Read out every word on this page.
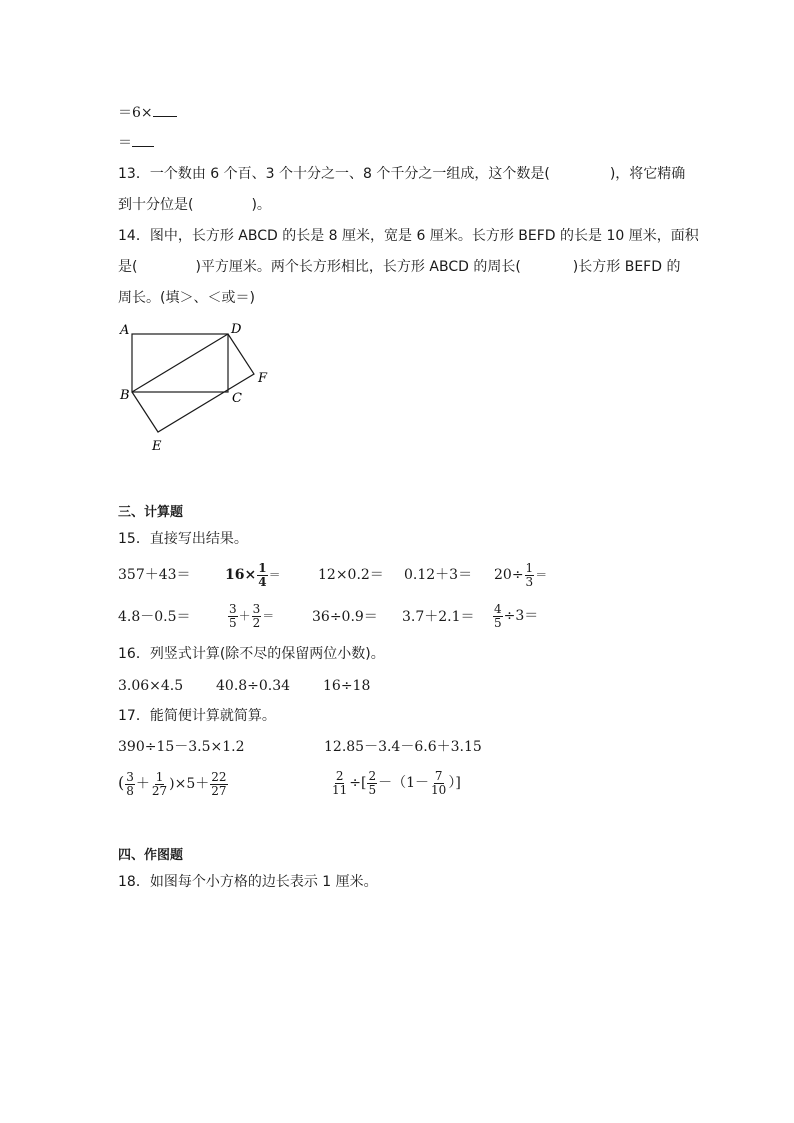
＝6×
＝
13．一个数由 6 个百、3 个十分之一、8 个千分之一组成，这个数是(	)，将它精确
到十分位是(	)。
14．图中，长方形 ABCD 的长是 8 厘米，宽是 6 厘米。长方形 BEFD 的长是 10 厘米，面积
是(	)平方厘米。两个长方形相比，长方形 ABCD 的周长(	)长方形 BEFD 的
周长。(填＞、＜或＝)
A	D
B	C
F
E
三、计算题
15．直接写出结果。
$357+43= 16\times \frac{1}{4}$ ＝	$12\times 0.2= 0.12+3= 20\div \frac{1}{3}$ ＝
4.8－0.5＝	$\frac{3}{5} + \frac{3}{2}$ ＝	$36\div 0.9= 3.7+2.1= \frac{4}{5} \div 3=$
16．列竖式计算(除不尽的保留两位小数)。
3.06×4.5 40.8÷0.34 16÷18
17．能简便计算就简算。
390÷15－3.5×1.2	12.85－3.4－6.6＋3.15
( $\frac{3}{8} + \frac{1}{27} )\times 5+ \frac{22}{27}$	$\frac{2}{11}$ ÷[ $\frac{2}{5} -(1- \frac{7}{10}$ ）]
四、作图题
18．如图每个小方格的边长表示 1 厘米。
